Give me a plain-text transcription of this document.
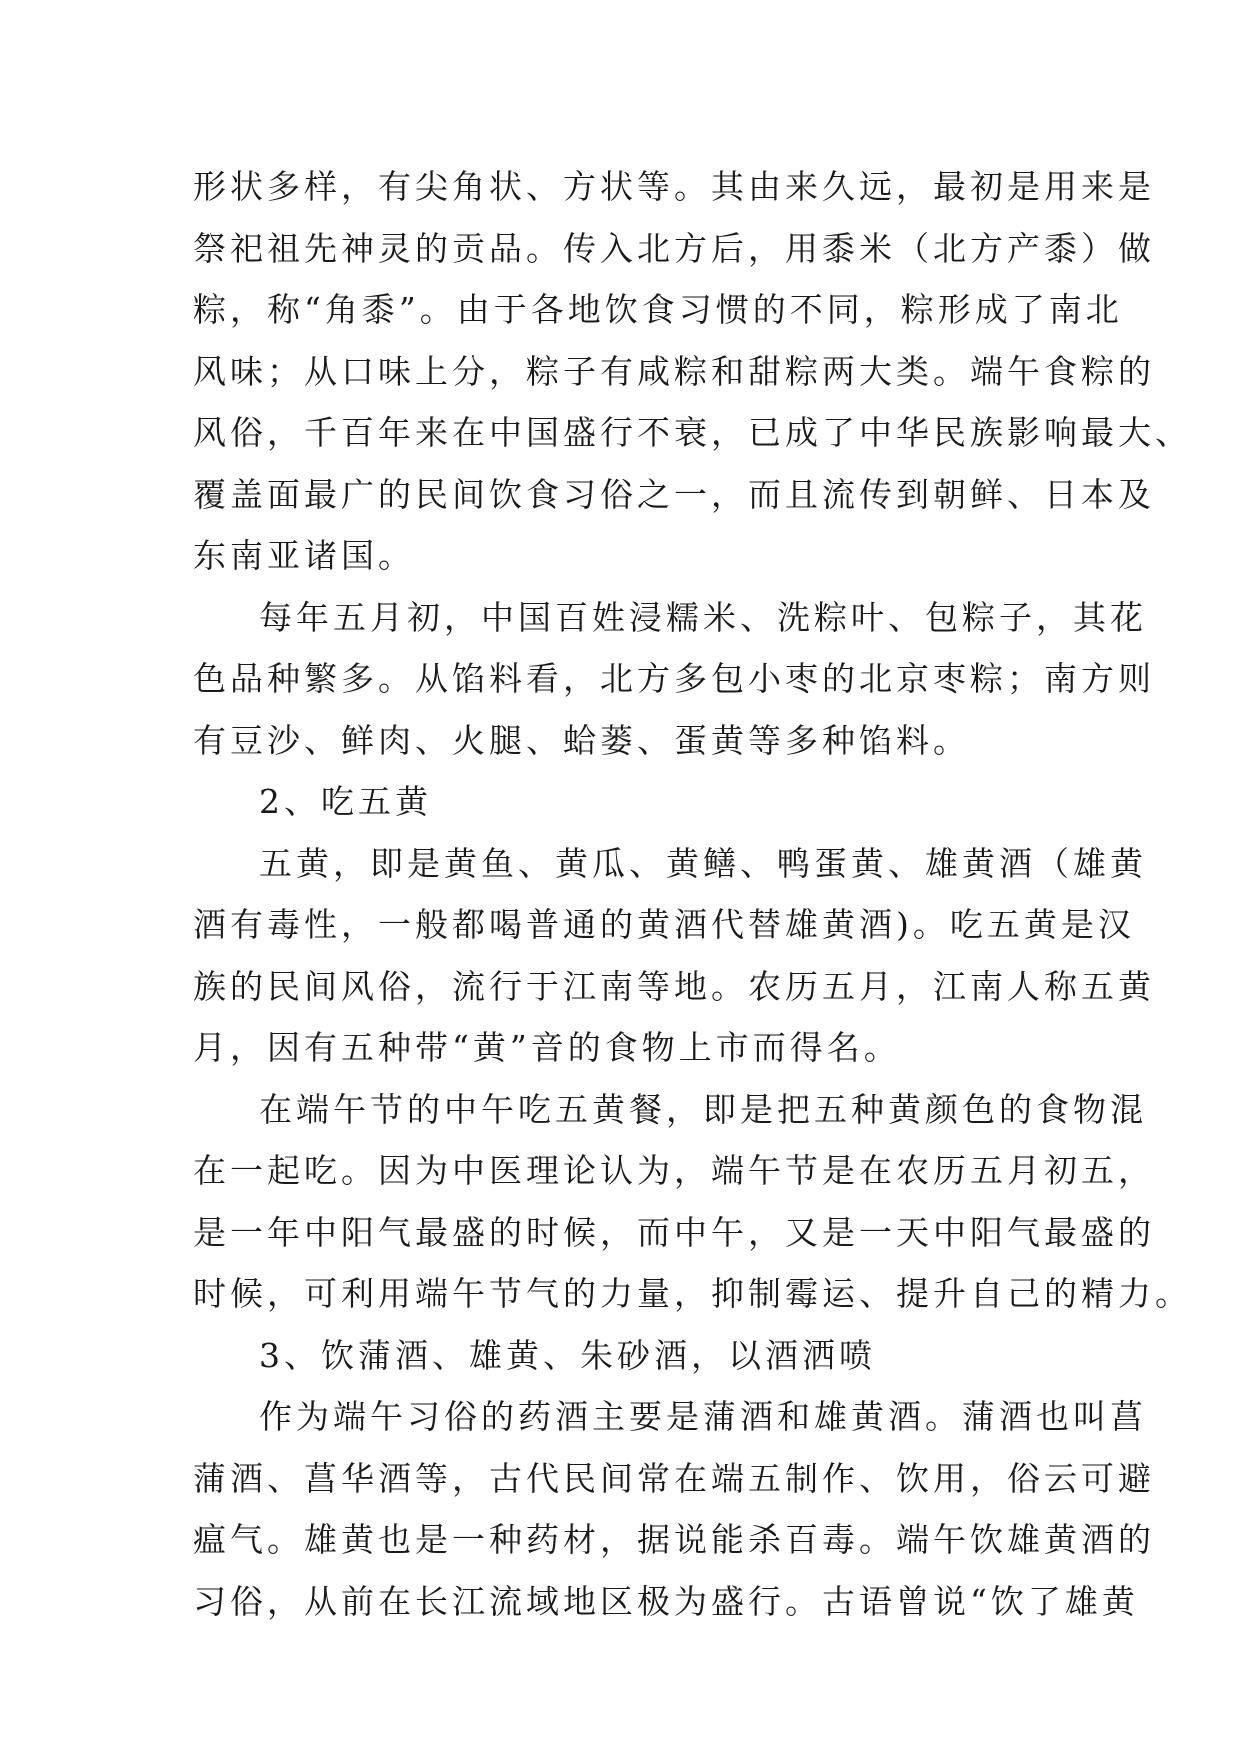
形状多样，有尖角状、方状等。其由来久远，最初是用来是
祭祀祖先神灵的贡品。传入北方后，用黍米（北方产黍）做
粽，称“角黍”。由于各地饮食习惯的不同，粽形成了南北
风味；从口味上分，粽子有咸粽和甜粽两大类。端午食粽的
风俗，千百年来在中国盛行不衰，已成了中华民族影响最大、
覆盖面最广的民间饮食习俗之一，而且流传到朝鲜、日本及
东南亚诸国。
每年五月初，中国百姓浸糯米、洗粽叶、包粽子，其花
色品种繁多。从馅料看，北方多包小枣的北京枣粽；南方则
有豆沙、鲜肉、火腿、蛤蒌、蛋黄等多种馅料。
2、吃五黄
五黄，即是黄鱼、黄瓜、黄鳝、鸭蛋黄、雄黄酒（雄黄
酒有毒性，一般都喝普通的黄酒代替雄黄酒)。吃五黄是汉
族的民间风俗，流行于江南等地。农历五月，江南人称五黄
月，因有五种带“黄”音的食物上市而得名。
在端午节的中午吃五黄餐，即是把五种黄颜色的食物混
在一起吃。因为中医理论认为，端午节是在农历五月初五，
是一年中阳气最盛的时候，而中午，又是一天中阳气最盛的
时候，可利用端午节气的力量，抑制霉运、提升自己的精力。
3、饮蒲酒、雄黄、朱砂酒，以酒洒喷
作为端午习俗的药酒主要是蒲酒和雄黄酒。蒲酒也叫菖
蒲酒、菖华酒等，古代民间常在端五制作、饮用，俗云可避
瘟气。雄黄也是一种药材，据说能杀百毒。端午饮雄黄酒的
习俗，从前在长江流域地区极为盛行。古语曾说“饮了雄黄
